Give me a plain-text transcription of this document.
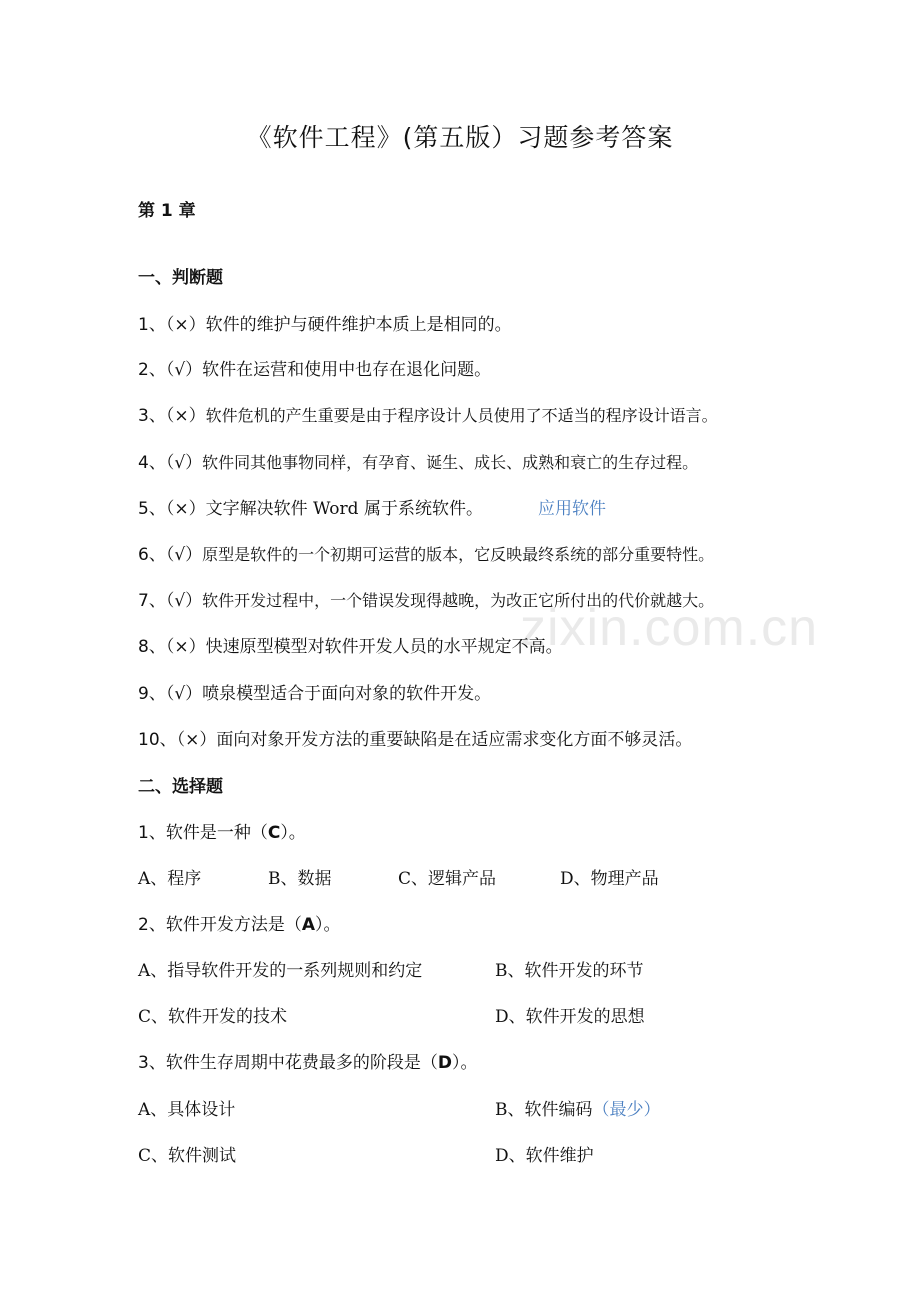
zixin.com.cn
《软件工程》(第五版）习题参考答案
第 1 章
一、判断题
1、（×）软件的维护与硬件维护本质上是相同的。
2、（√）软件在运营和使用中也存在退化问题。
3、（×）软件危机的产生重要是由于程序设计人员使用了不适当的程序设计语言。
4、（√）软件同其他事物同样，有孕育、诞生、成长、成熟和衰亡的生存过程。
5、（×）文字解决软件 Word 属于系统软件。	应用软件
6、（√）原型是软件的一个初期可运营的版本，它反映最终系统的部分重要特性。
7、（√）软件开发过程中，一个错误发现得越晚，为改正它所付出的代价就越大。
8、（×）快速原型模型对软件开发人员的水平规定不高。
9、（√）喷泉模型适合于面向对象的软件开发。
10、（×）面向对象开发方法的重要缺陷是在适应需求变化方面不够灵活。
二、选择题
1、软件是一种（C）。
A、程序	B、数据	C、逻辑产品	D、物理产品
2、软件开发方法是（A）。
A、指导软件开发的一系列规则和约定	B、软件开发的环节
C、软件开发的技术	D、软件开发的思想
3、软件生存周期中花费最多的阶段是（D）。
A、具体设计	B、软件编码（最少）
C、软件测试	D、软件维护
